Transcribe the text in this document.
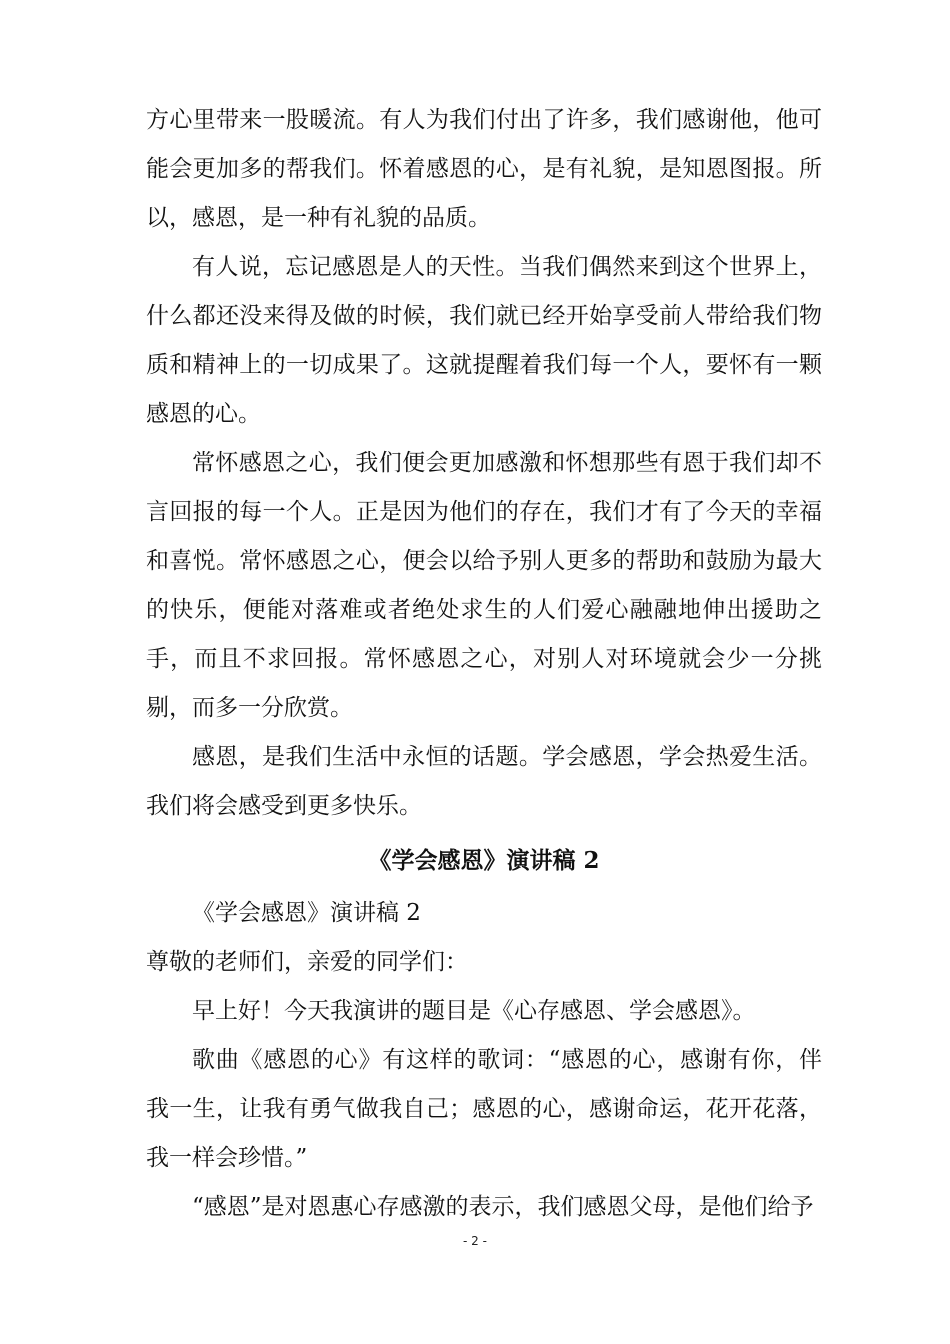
方心里带来一股暖流。有人为我们付出了许多，我们感谢他，他可能会更加多的帮我们。怀着感恩的心，是有礼貌，是知恩图报。所以，感恩，是一种有礼貌的品质。

有人说，忘记感恩是人的天性。当我们偶然来到这个世界上，什么都还没来得及做的时候，我们就已经开始享受前人带给我们物质和精神上的一切成果了。这就提醒着我们每一个人，要怀有一颗感恩的心。

常怀感恩之心，我们便会更加感激和怀想那些有恩于我们却不言回报的每一个人。正是因为他们的存在，我们才有了今天的幸福和喜悦。常怀感恩之心，便会以给予别人更多的帮助和鼓励为最大的快乐，便能对落难或者绝处求生的人们爱心融融地伸出援助之手，而且不求回报。常怀感恩之心，对别人对环境就会少一分挑剔，而多一分欣赏。

感恩，是我们生活中永恒的话题。学会感恩，学会热爱生活。我们将会感受到更多快乐。

《学会感恩》演讲稿 2

《学会感恩》演讲稿 2

尊敬的老师们，亲爱的同学们：

早上好！今天我演讲的题目是《心存感恩、学会感恩》。

歌曲《感恩的心》有这样的歌词：“感恩的心，感谢有你，伴我一生，让我有勇气做我自己；感恩的心，感谢命运，花开花落，我一样会珍惜。”

“感恩”是对恩惠心存感激的表示，我们感恩父母，是他们给予

- 2 -
